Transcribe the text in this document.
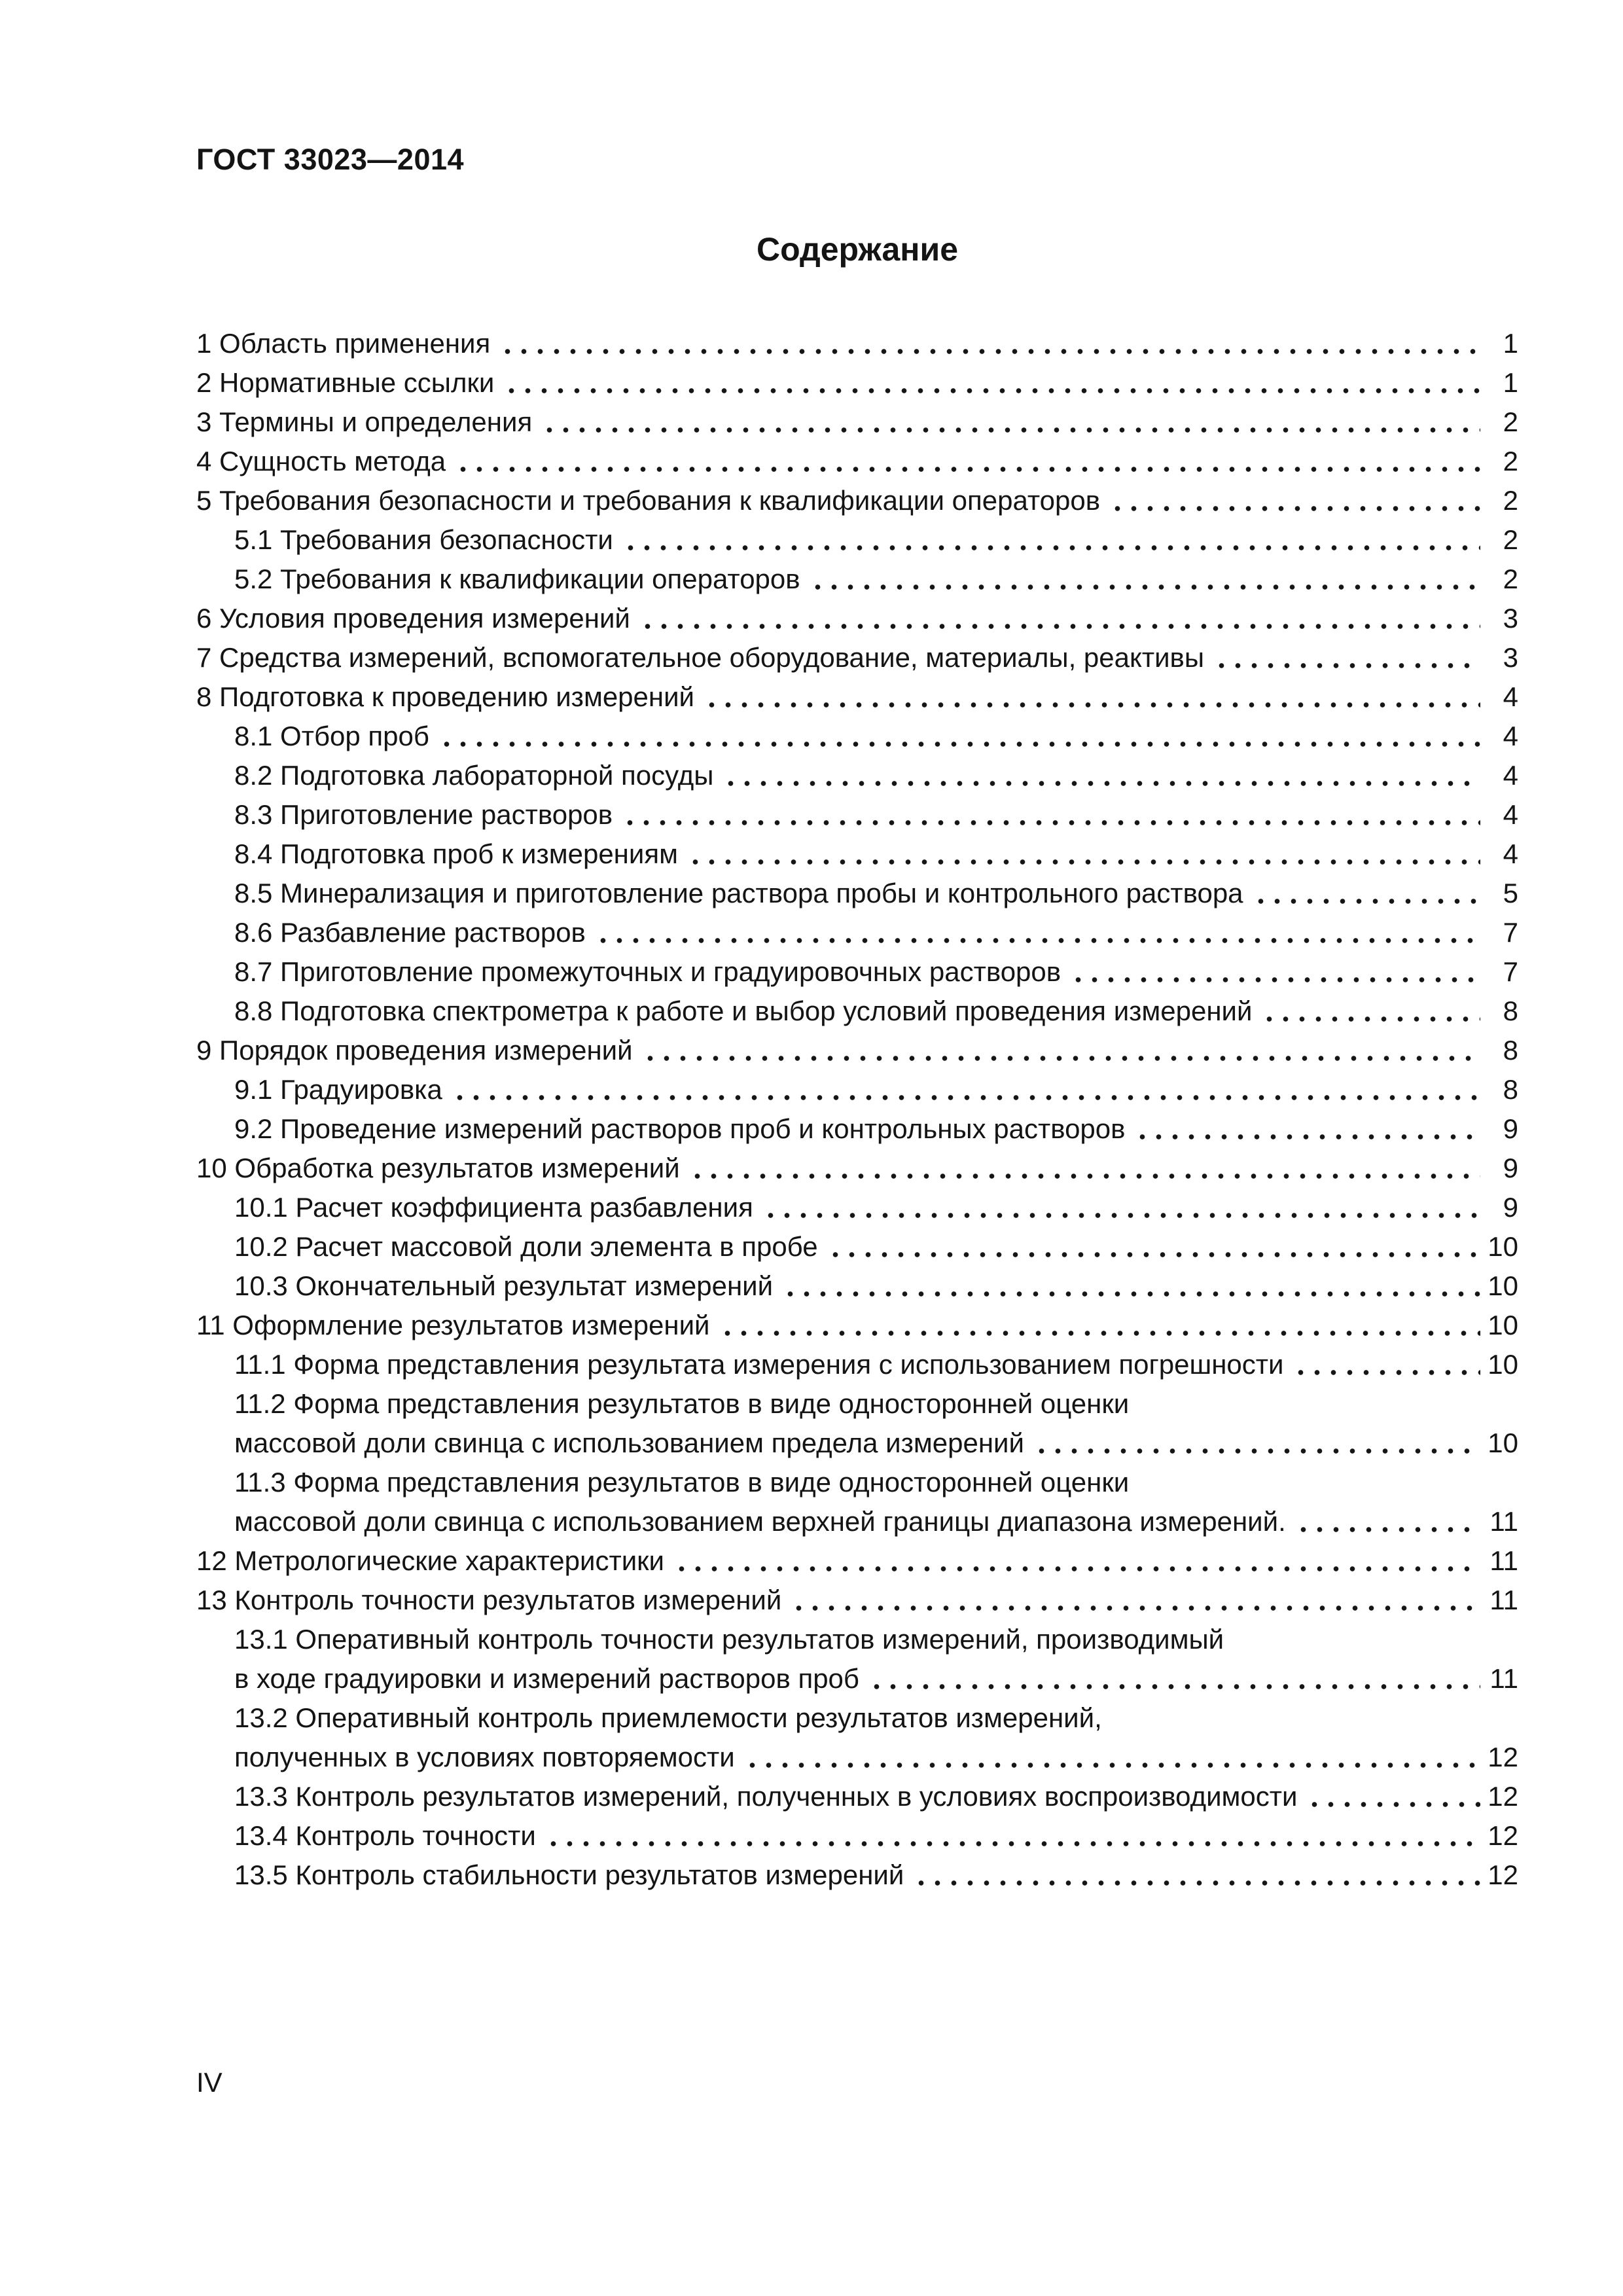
ГОСТ 33023—2014
Содержание
1 Область применения	1
2 Нормативные ссылки	1
3 Термины и определения	2
4 Сущность метода	2
5 Требования безопасности и требования к квалификации операторов	2
5.1 Требования безопасности	2
5.2 Требования к квалификации операторов	2
6 Условия проведения измерений	3
7 Средства измерений, вспомогательное оборудование, материалы, реактивы	3
8 Подготовка к проведению измерений	4
8.1 Отбор проб	4
8.2 Подготовка лабораторной посуды	4
8.3 Приготовление растворов	4
8.4 Подготовка проб к измерениям	4
8.5 Минерализация и приготовление раствора пробы и контрольного раствора	5
8.6 Разбавление растворов	7
8.7 Приготовление промежуточных и градуировочных растворов	7
8.8 Подготовка спектрометра к работе и выбор условий проведения измерений	8
9 Порядок проведения измерений	8
9.1 Градуировка	8
9.2 Проведение измерений растворов проб и контрольных растворов	9
10 Обработка результатов измерений	9
10.1 Расчет коэффициента разбавления	9
10.2 Расчет массовой доли элемента в пробе	10
10.3 Окончательный результат измерений	10
11 Оформление результатов измерений	10
11.1 Форма представления результата измерения с использованием погрешности	10
11.2 Форма представления результатов в виде односторонней оценки
массовой доли свинца с использованием предела измерений	10
11.3 Форма представления результатов в виде односторонней оценки
массовой доли свинца с использованием верхней границы диапазона измерений.	11
12 Метрологические характеристики	11
13 Контроль точности результатов измерений	11
13.1 Оперативный контроль точности результатов измерений, производимый
в ходе градуировки и измерений растворов проб	11
13.2 Оперативный контроль приемлемости результатов измерений,
полученных в условиях повторяемости	12
13.3 Контроль результатов измерений, полученных в условиях воспроизводимости	12
13.4 Контроль точности	12
13.5 Контроль стабильности результатов измерений	12
IV
